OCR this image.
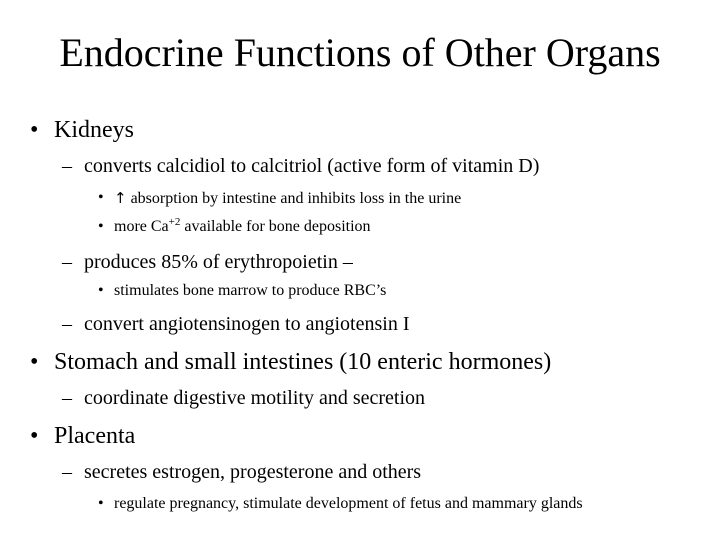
Endocrine Functions of Other Organs
• Kidneys
– converts calcidiol to calcitriol (active form of vitamin D)
• ↑ absorption by intestine and inhibits loss in the urine
• more $Ca^{+2}$ available for bone deposition
– produces 85% of erythropoietin –
• stimulates bone marrow to produce RBC’s
– convert angiotensinogen to angiotensin I
• Stomach and small intestines (10 enteric hormones)
– coordinate digestive motility and secretion
• Placenta
– secretes estrogen, progesterone and others
• regulate pregnancy, stimulate development of fetus and mammary glands
